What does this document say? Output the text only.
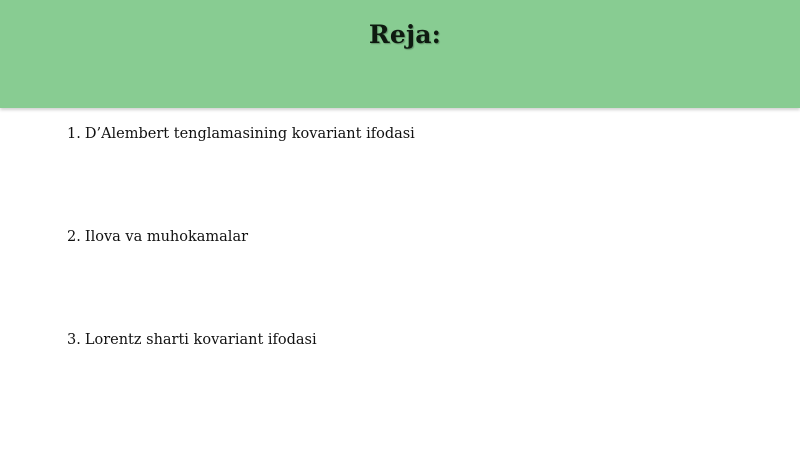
Reja:
1. D’Alembert tenglamasining kovariant ifodasi
2. Ilova va muhokamalar
3. Lorentz sharti kovariant ifodasi
